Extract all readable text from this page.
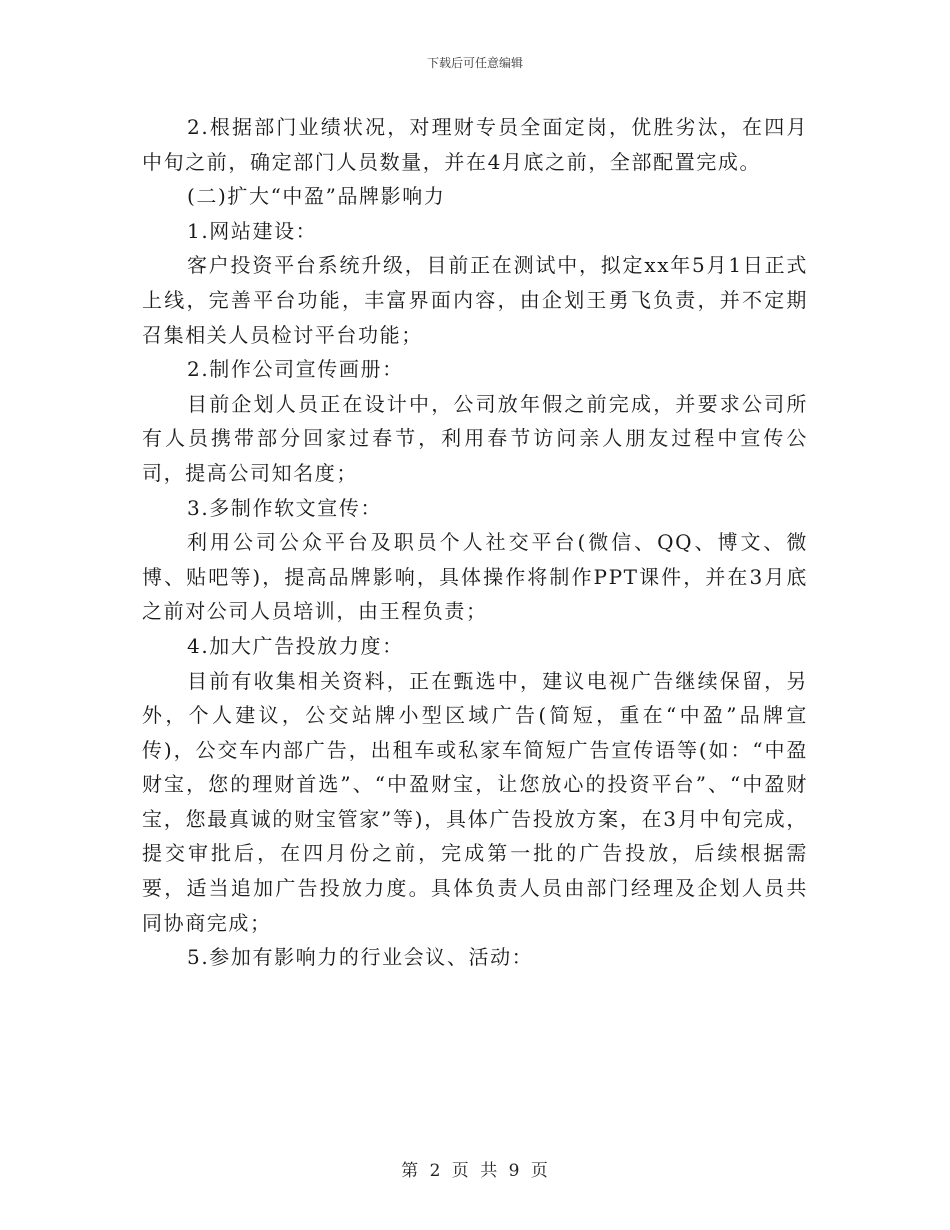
下载后可任意编辑

2.根据部门业绩状况，对理财专员全面定岗，优胜劣汰，在四月中旬之前，确定部门人员数量，并在4月底之前，全部配置完成。

(二)扩大“中盈”品牌影响力

1.网站建设：

客户投资平台系统升级，目前正在测试中，拟定xx年5月1日正式上线，完善平台功能，丰富界面内容，由企划王勇飞负责，并不定期召集相关人员检讨平台功能；

2.制作公司宣传画册：

目前企划人员正在设计中，公司放年假之前完成，并要求公司所有人员携带部分回家过春节，利用春节访问亲人朋友过程中宣传公司，提高公司知名度；

3.多制作软文宣传：

利用公司公众平台及职员个人社交平台(微信、QQ、博文、微博、贴吧等)，提高品牌影响，具体操作将制作PPT课件，并在3月底之前对公司人员培训，由王程负责；

4.加大广告投放力度：

目前有收集相关资料，正在甄选中，建议电视广告继续保留，另外，个人建议，公交站牌小型区域广告(简短，重在“中盈”品牌宣传)，公交车内部广告，出租车或私家车简短广告宣传语等(如：“中盈财宝，您的理财首选”、“中盈财宝，让您放心的投资平台”、“中盈财宝，您最真诚的财宝管家”等)，具体广告投放方案，在3月中旬完成，提交审批后，在四月份之前，完成第一批的广告投放，后续根据需要，适当追加广告投放力度。具体负责人员由部门经理及企划人员共同协商完成；

5.参加有影响力的行业会议、活动：

第 2 页 共 9 页
